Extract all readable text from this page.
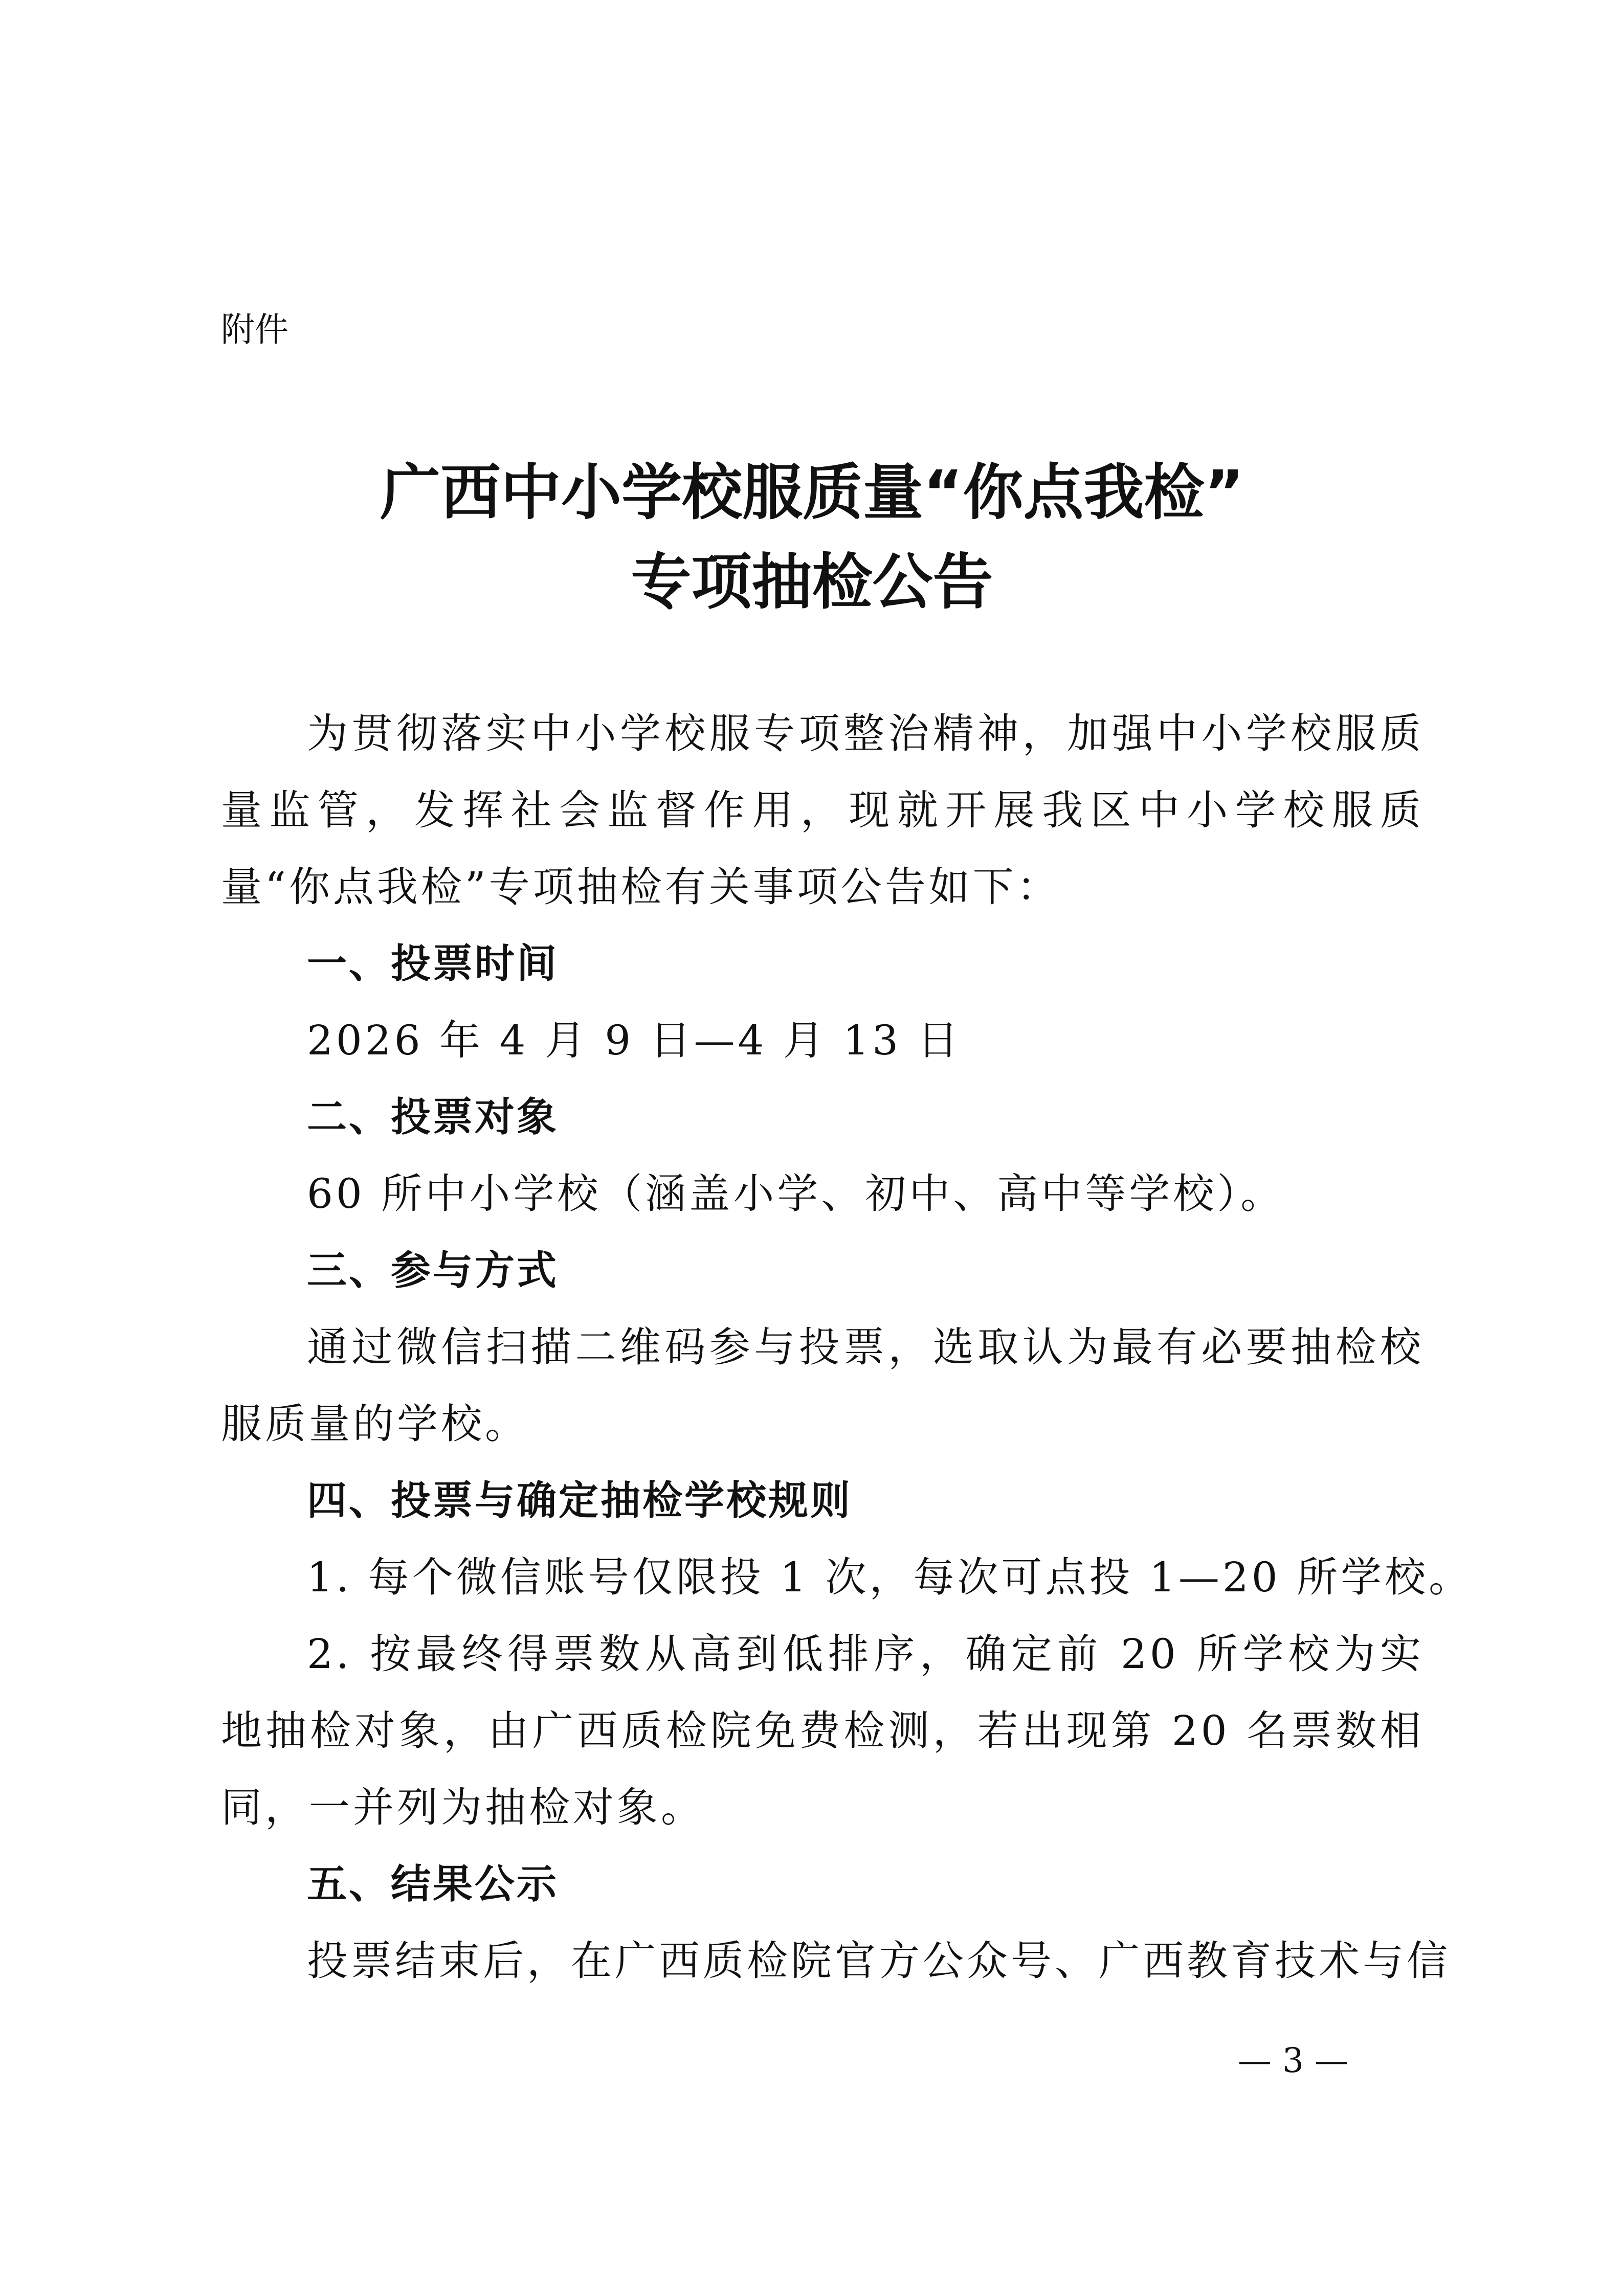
附件
广西中小学校服质量“你点我检”
专项抽检公告

为贯彻落实中小学校服专项整治精神，加强中小学校服质量监管，发挥社会监督作用，现就开展我区中小学校服质量“你点我检”专项抽检有关事项公告如下：

一、投票时间

2026 年 4 月 9 日—4 月 13 日

二、投票对象

60 所中小学校（涵盖小学、初中、高中等学校）。

三、参与方式

通过微信扫描二维码参与投票，选取认为最有必要抽检校服质量的学校。

四、投票与确定抽检学校规则

1. 每个微信账号仅限投 1 次，每次可点投 1—20 所学校。

2. 按最终得票数从高到低排序，确定前 20 所学校为实地抽检对象，由广西质检院免费检测，若出现第 20 名票数相同，一并列为抽检对象。

五、结果公示

投票结束后，在广西质检院官方公众号、广西教育技术与信

— 3 —
